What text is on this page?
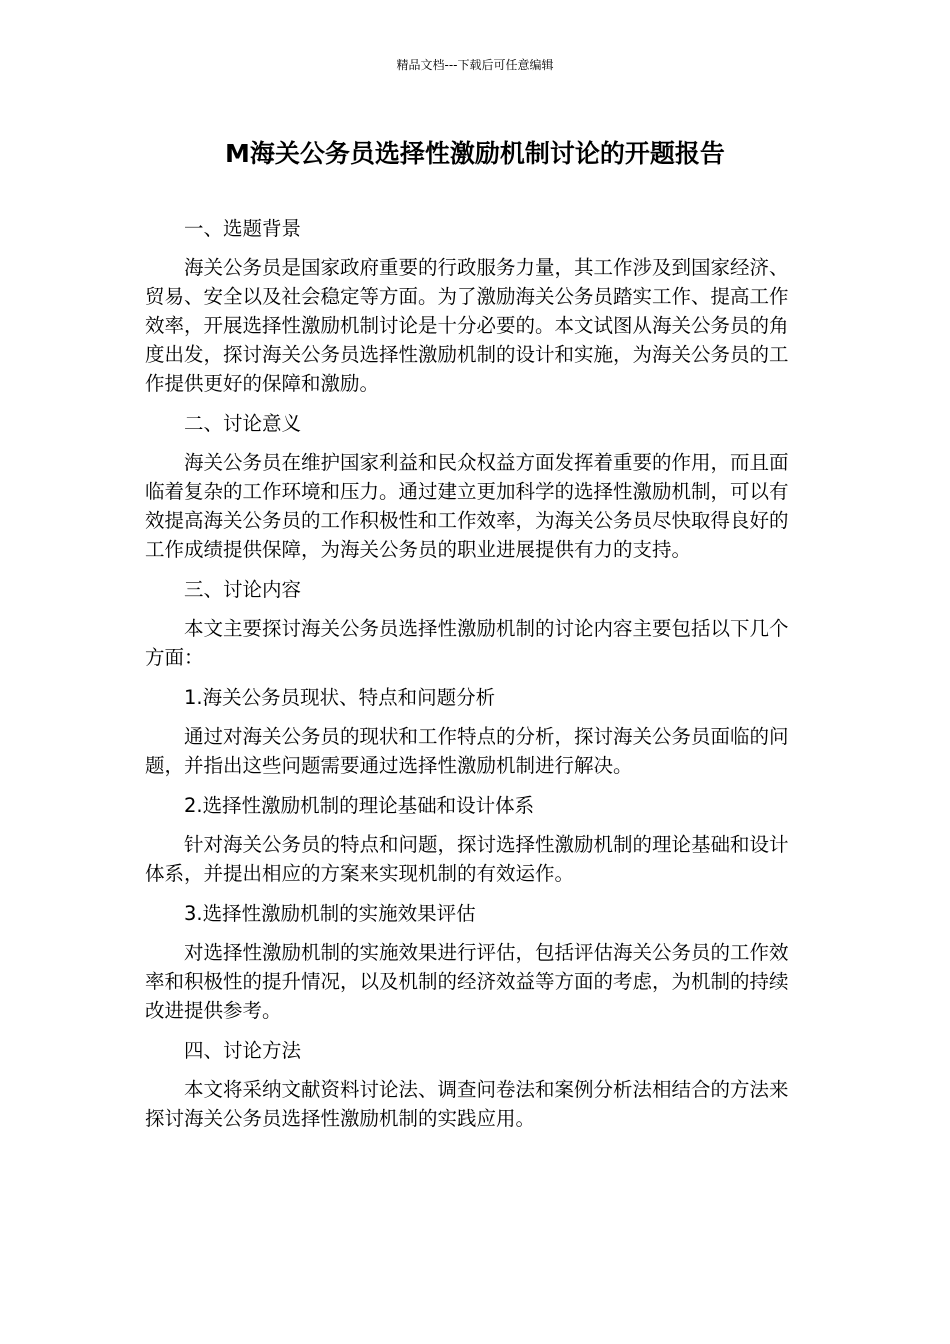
精品文档---下载后可任意编辑
M海关公务员选择性激励机制讨论的开题报告

一、选题背景

海关公务员是国家政府重要的行政服务力量，其工作涉及到国家经济、贸易、安全以及社会稳定等方面。为了激励海关公务员踏实工作、提高工作效率，开展选择性激励机制讨论是十分必要的。本文试图从海关公务员的角度出发，探讨海关公务员选择性激励机制的设计和实施，为海关公务员的工作提供更好的保障和激励。

二、讨论意义

海关公务员在维护国家利益和民众权益方面发挥着重要的作用，而且面临着复杂的工作环境和压力。通过建立更加科学的选择性激励机制，可以有效提高海关公务员的工作积极性和工作效率，为海关公务员尽快取得良好的工作成绩提供保障，为海关公务员的职业进展提供有力的支持。

三、讨论内容

本文主要探讨海关公务员选择性激励机制的讨论内容主要包括以下几个方面：

1.海关公务员现状、特点和问题分析

通过对海关公务员的现状和工作特点的分析，探讨海关公务员面临的问题，并指出这些问题需要通过选择性激励机制进行解决。

2.选择性激励机制的理论基础和设计体系

针对海关公务员的特点和问题，探讨选择性激励机制的理论基础和设计体系，并提出相应的方案来实现机制的有效运作。

3.选择性激励机制的实施效果评估

对选择性激励机制的实施效果进行评估，包括评估海关公务员的工作效率和积极性的提升情况，以及机制的经济效益等方面的考虑，为机制的持续改进提供参考。

四、讨论方法

本文将采纳文献资料讨论法、调查问卷法和案例分析法相结合的方法来探讨海关公务员选择性激励机制的实践应用。
